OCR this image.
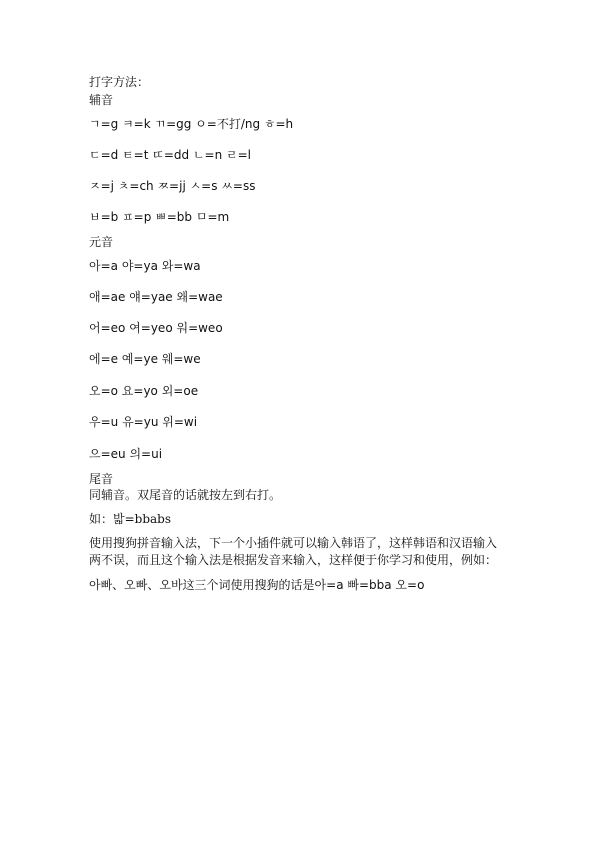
打字方法：
辅音
ㄱ=g ㅋ=k ㄲ=gg ㅇ=不打/ng ㅎ=h
ㄷ=d ㅌ=t ㄸ=dd ㄴ=n ㄹ=l
ㅈ=j ㅊ=ch ㅉ=jj ㅅ=s ㅆ=ss
ㅂ=b ㅍ=p ㅃ=bb ㅁ=m
元音
아=a 야=ya 와=wa
애=ae 얘=yae 왜=wae
어=eo 여=yeo 워=weo
에=e 예=ye 웨=we
오=o 요=yo 외=oe
우=u 유=yu 위=wi
으=eu 의=ui
尾音
同辅音。双尾音的话就按左到右打。
如：밟=bbabs
使用搜狗拼音输入法，下一个小插件就可以输入韩语了，这样韩语和汉语输入
两不误，而且这个输入法是根据发音来输入，这样便于你学习和使用，例如：
아빠、오빠、오바这三个词使用搜狗的话是아=a 빠=bba 오=o
